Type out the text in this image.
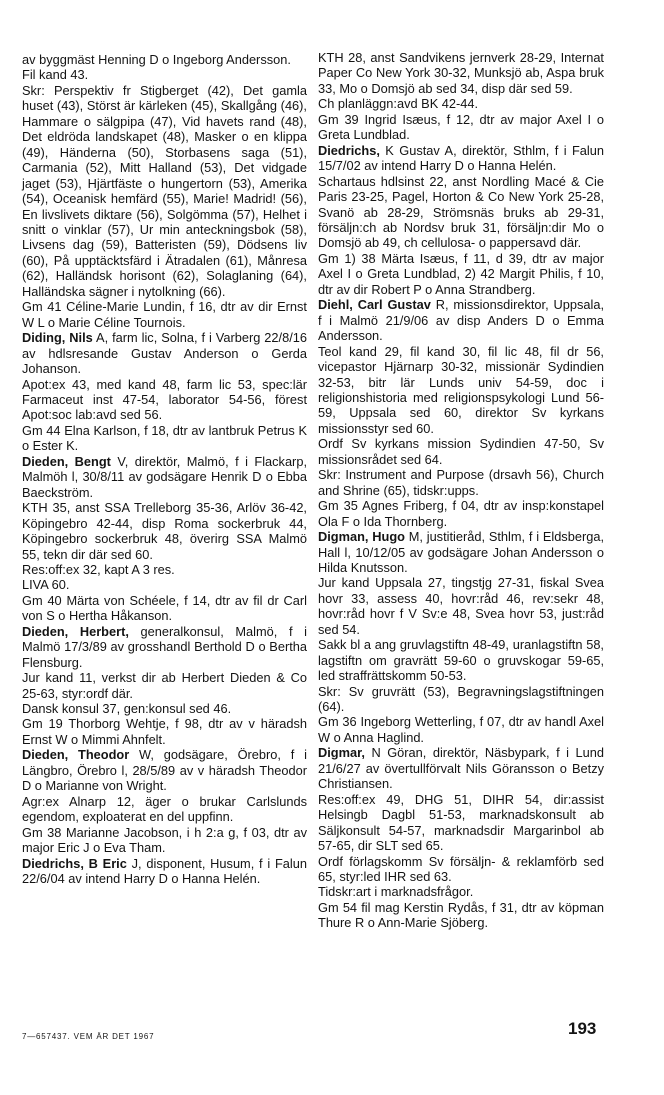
av byggmäst Henning D o Ingeborg Andersson.

Fil kand 43.

Skr: Perspektiv fr Stigberget (42), Det gamla huset (43), Störst är kärleken (45), Skallgång (46), Hammare o sälgpipa (47), Vid havets rand (48), Det eldröda landskapet (48), Masker o en klippa (49), Händerna (50), Storbasens saga (51), Carmania (52), Mitt Halland (53), Det vidgade jaget (53), Hjärtfäste o hungertorn (53), Amerika (54), Oceanisk hemfärd (55), Marie! Madrid! (56), En livslivets diktare (56), Solgömma (57), Helhet i snitt o vinklar (57), Ur min anteckningsbok (58), Livsens dag (59), Batteristen (59), Dödsens liv (60), På upptäcktsfärd i Ätradalen (61), Månresa (62), Halländsk horisont (62), Solaglaning (64), Halländska sägner i nytolkning (66).

Gm 41 Céline-Marie Lundin, f 16, dtr av dir Ernst W L o Marie Céline Tournois.

Diding, Nils A, farm lic, Solna, f i Varberg 22/8/16 av hdlsresande Gustav Anderson o Gerda Johanson.

Apot:ex 43, med kand 48, farm lic 53, spec:lär Farmaceut inst 47-54, laborator 54-56, förest Apot:soc lab:avd sed 56.

Gm 44 Elna Karlson, f 18, dtr av lantbruk Petrus K o Ester K.

Dieden, Bengt V, direktör, Malmö, f i Flackarp, Malmöh l, 30/8/11 av godsägare Henrik D o Ebba Baeckström.

KTH 35, anst SSA Trelleborg 35-36, Arlöv 36-42, Köpingebro 42-44, disp Roma sockerbruk 44, Köpingebro sockerbruk 48, överirg SSA Malmö 55, tekn dir där sed 60.

Res:off:ex 32, kapt A 3 res.

LIVA 60.

Gm 40 Märta von Schéele, f 14, dtr av fil dr Carl von S o Hertha Håkanson.

Dieden, Herbert, generalkonsul, Malmö, f i Malmö 17/3/89 av grosshandl Berthold D o Bertha Flensburg.

Jur kand 11, verkst dir ab Herbert Dieden & Co 25-63, styr:ordf där.

Dansk konsul 37, gen:konsul sed 46.

Gm 19 Thorborg Wehtje, f 98, dtr av v häradsh Ernst W o Mimmi Ahnfelt.

Dieden, Theodor W, godsägare, Örebro, f i Längbro, Örebro l, 28/5/89 av v häradsh Theodor D o Marianne von Wright.

Agr:ex Alnarp 12, äger o brukar Carlslunds egendom, exploaterat en del uppfinn.

Gm 38 Marianne Jacobson, i h 2:a g, f 03, dtr av major Eric J o Eva Tham.

Diedrichs, B Eric J, disponent, Husum, f i Falun 22/6/04 av intend Harry D o Hanna Helén.

KTH 28, anst Sandvikens jernverk 28-29, Internat Paper Co New York 30-32, Munksjö ab, Aspa bruk 33, Mo o Domsjö ab sed 34, disp där sed 59.

Ch planläggn:avd BK 42-44.

Gm 39 Ingrid Isæus, f 12, dtr av major Axel I o Greta Lundblad.

Diedrichs, K Gustav A, direktör, Sthlm, f i Falun 15/7/02 av intend Harry D o Hanna Helén.

Schartaus hdlsinst 22, anst Nordling Macé & Cie Paris 23-25, Pagel, Horton & Co New York 25-28, Svanö ab 28-29, Strömsnäs bruks ab 29-31, försäljn:ch ab Nordsv bruk 31, försäljn:dir Mo o Domsjö ab 49, ch cellulosa- o pappersavd där.

Gm 1) 38 Märta Isæus, f 11, d 39, dtr av major Axel I o Greta Lundblad, 2) 42 Margit Philis, f 10, dtr av dir Robert P o Anna Strandberg.

Diehl, Carl Gustav R, missionsdirektor, Uppsala, f i Malmö 21/9/06 av disp Anders D o Emma Andersson.

Teol kand 29, fil kand 30, fil lic 48, fil dr 56, vicepastor Hjärnarp 30-32, missionär Sydindien 32-53, bitr lär Lunds univ 54-59, doc i religionshistoria med religionspsykologi Lund 56-59, Uppsala sed 60, direktor Sv kyrkans missionsstyr sed 60.

Ordf Sv kyrkans mission Sydindien 47-50, Sv missionsrådet sed 64.

Skr: Instrument and Purpose (drsavh 56), Church and Shrine (65), tidskr:upps.

Gm 35 Agnes Friberg, f 04, dtr av insp:konstapel Ola F o Ida Thornberg.

Digman, Hugo M, justitieråd, Sthlm, f i Eldsberga, Hall l, 10/12/05 av godsägare Johan Andersson o Hilda Knutsson.

Jur kand Uppsala 27, tingstjg 27-31, fiskal Svea hovr 33, assess 40, hovr:råd 46, rev:sekr 48, hovr:råd hovr f V Sv:e 48, Svea hovr 53, just:råd sed 54.

Sakk bl a ang gruvlagstiftn 48-49, uranlagstiftn 58, lagstiftn om gravrätt 59-60 o gruvskogar 59-65, led straffrättskomm 50-53.

Skr: Sv gruvrätt (53), Begravningslagstiftningen (64).

Gm 36 Ingeborg Wetterling, f 07, dtr av handl Axel W o Anna Haglind.

Digmar, N Göran, direktör, Näsbypark, f i Lund 21/6/27 av övertullförvalt Nils Göransson o Betzy Christiansen.

Res:off:ex 49, DHG 51, DIHR 54, dir:assist Helsingb Dagbl 51-53, marknadskonsult ab Säljkonsult 54-57, marknadsdir Margarinbol ab 57-65, dir SLT sed 65.

Ordf förlagskomm Sv försäljn- & reklamförb sed 65, styr:led IHR sed 63.

Tidskr:art i marknadsfrågor.

Gm 54 fil mag Kerstin Rydås, f 31, dtr av köpman Thure R o Ann-Marie Sjöberg.

7—657437. VEM ÄR DET 1967	193
